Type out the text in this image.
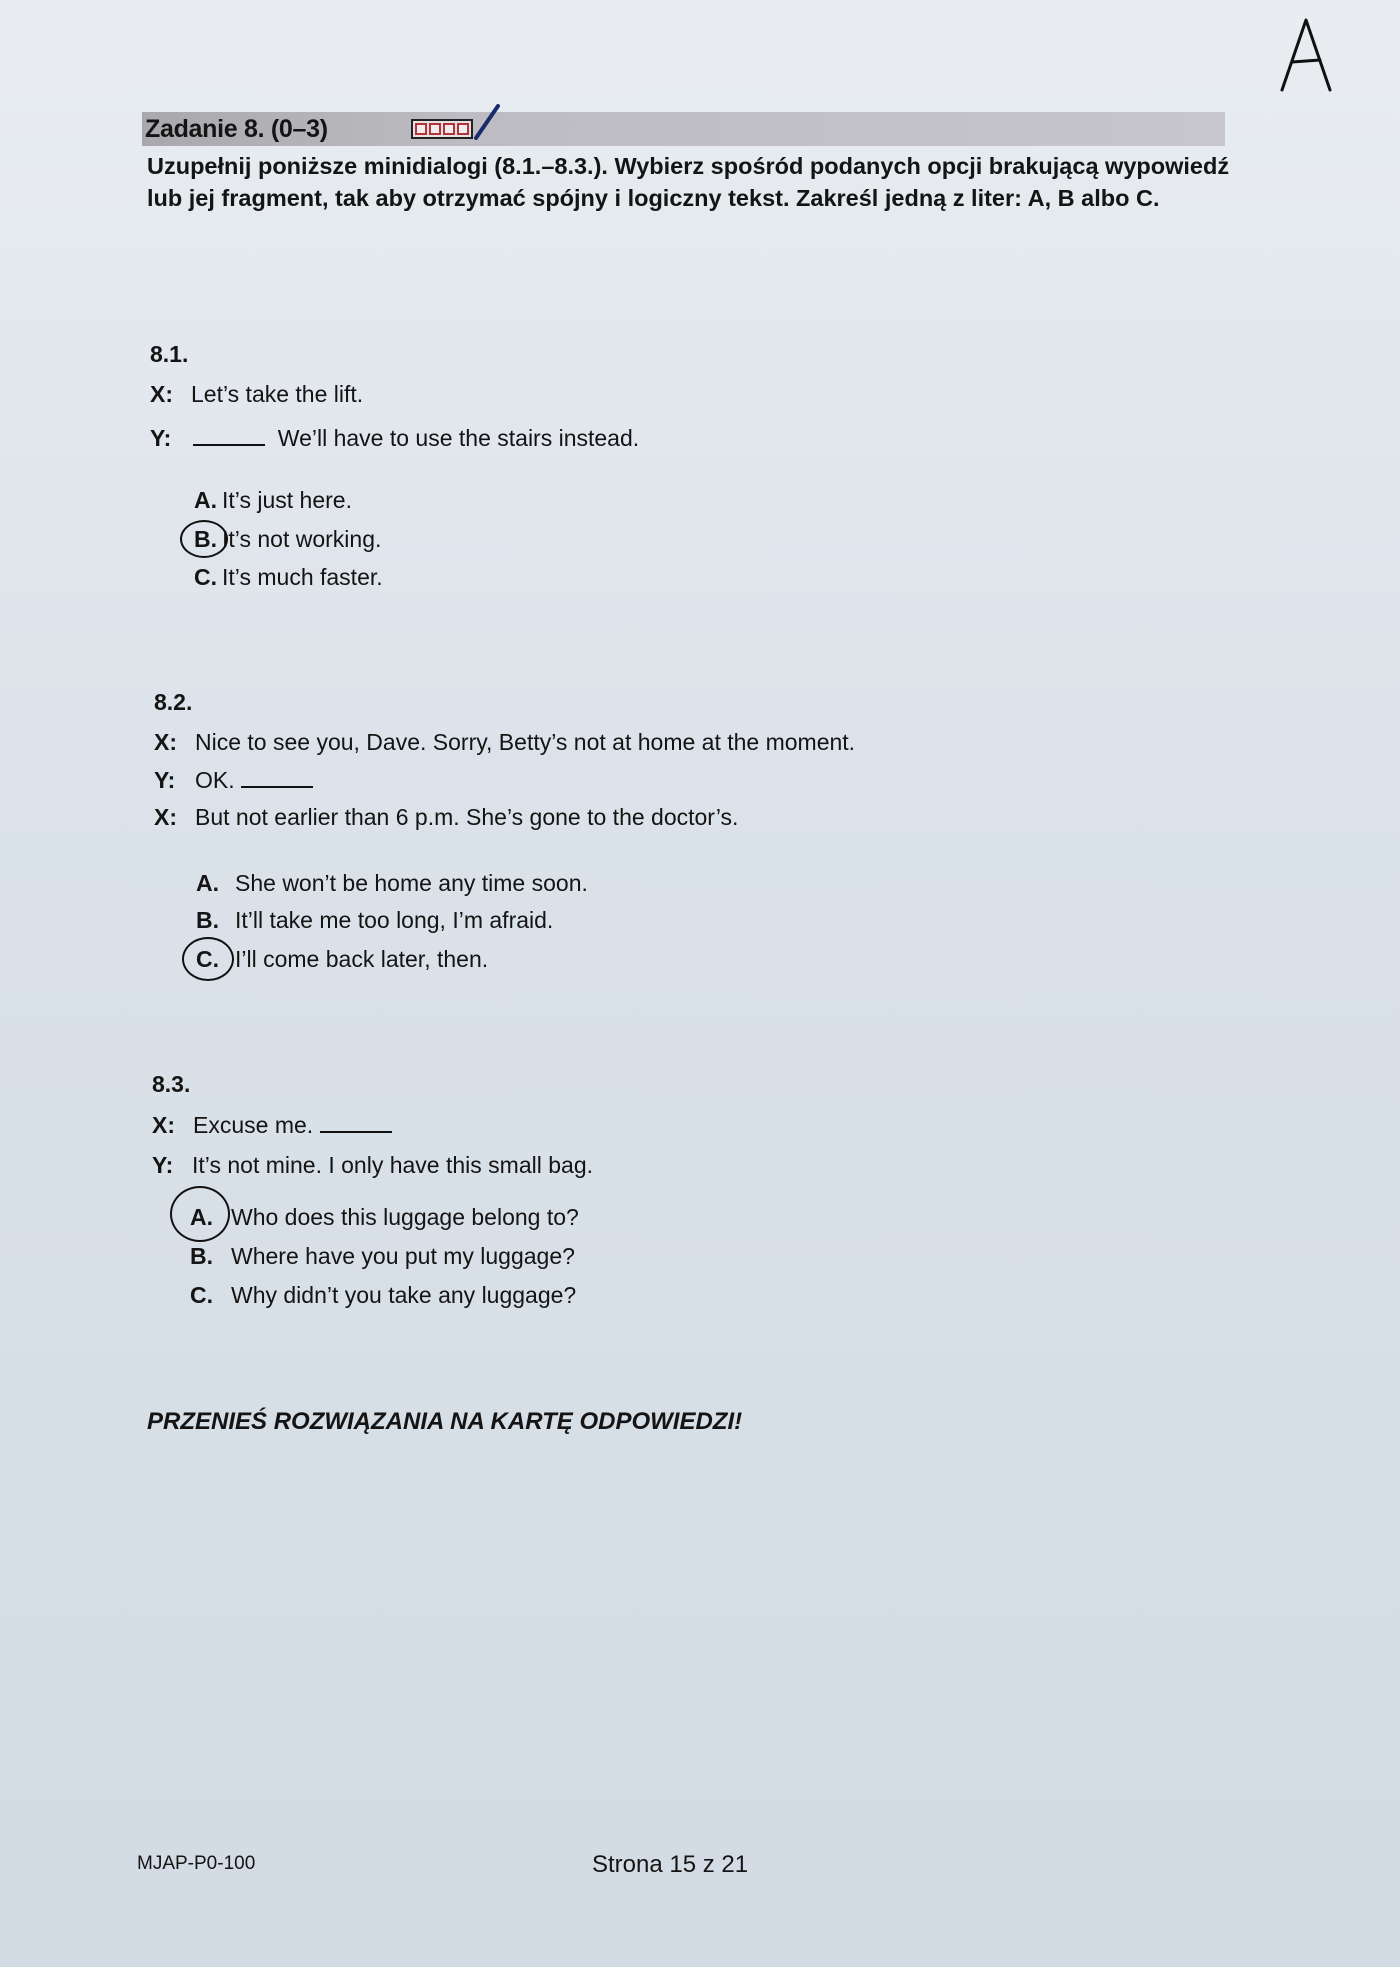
Zadanie 8. (0–3)
Uzupełnij poniższe minidialogi (8.1.–8.3.). Wybierz spośród podanych opcji brakującą wypowiedź lub jej fragment, tak aby otrzymać spójny i logiczny tekst. Zakreśl jedną z liter: A, B albo C.
8.1.
X: Let’s take the lift.
Y:	We’ll have to use the stairs instead.
A. It’s just here.
B. It’s not working.
C. It’s much faster.
8.2.
X: Nice to see you, Dave. Sorry, Betty’s not at home at the moment.
Y: OK.
X: But not earlier than 6 p.m. She’s gone to the doctor’s.
A. She won’t be home any time soon.
B. It’ll take me too long, I’m afraid.
C. I’ll come back later, then.
8.3.
X: Excuse me.
Y: It’s not mine. I only have this small bag.
A. Who does this luggage belong to?
B. Where have you put my luggage?
C. Why didn’t you take any luggage?
PRZENIEŚ ROZWIĄZANIA NA KARTĘ ODPOWIEDZI!
MJAP-P0-100	Strona 15 z 21
